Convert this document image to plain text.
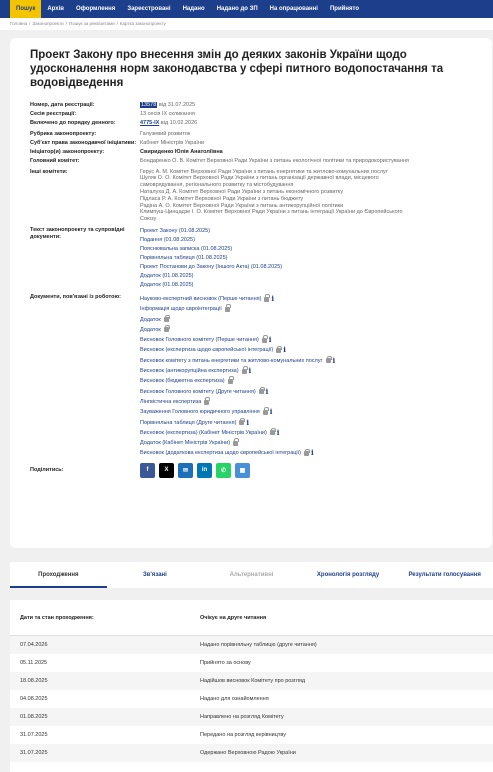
Пошук	Архів	Оформлення	Зареєстровані	Надано	Надано до ЗП	На опрацюванні	Прийнято
Головна / Законопроекти / Пошук за реквізитами / Картка законопроекту
Проект Закону про внесення змін до деяких законів України щодо удосконалення норм законодавства у сфері питного водопостачання та водовідведення
Номер, дата реєстрації:	13578 від 31.07.2025
Сесія реєстрації:	13 сесія IX скликання
Включено до порядку денного:	4775-IX від 10.02.2026
Рубрика законопроекту:	Галузевий розвиток
Суб'єкт права законодавчої ініціативи: Кабінет Міністрів України
Ініціатор(и) законопроекту:	Свириденко Юлія Анатоліївна
Головний комітет:	Бондаренко О. В. Комітет Верховної Ради України з питань екологічної політики та природокористування
Інші комітети:	Герус А. М. Комітет Верховної Ради України з питань енергетики та житлово-комунальних послуг
Шуляк О. О. Комітет Верховної Ради України з питань організації державної влади, місцевого
самоврядування, регіонального розвитку та містобудування
Наталуха Д. А. Комітет Верховної Ради України з питань економічного розвитку
Підласа Р. А. Комітет Верховної Ради України з питань бюджету
Радіна А. О. Комітет Верховної Ради України з питань антикорупційної політики
Климпуш-Цинцадзе І. О. Комітет Верховної Ради України з питань інтеграції України до Європейського
Союзу
Текст законопроекту та супровідні документи:
Проект Закону (01.08.2025)
Подання (01.08.2025)
Пояснювальна записка (01.08.2025)
Порівняльна таблиця (01.08.2025)
Проект Постанови до Закону (Іншого Акта) (01.08.2025)
Додаток (01.08.2025)
Додаток (01.08.2025)
Документи, пов'язані із роботою:	Науково-експертний висновок (Перше читання) i
Інформація щодо євроінтеграції
Додаток
Додаток
Висновок Головного комітету (Перше читання) i
Висновок (експертиза щодо європейської інтеграції) i
Висновок комітету з питань енергетики та житлово-комунальних послуг i
Висновок (антикорупційна експертиза) i
Висновок (бюджетна експертиза)
Висновок Головного комітету (Друге читання) i
Лінгвістична експертиза
Зауваження Головного юридичного управління i
Порівняльна таблиця (Друге читання) i
Висновок (експертиза) (Кабінет Міністрів України) i
Додаток (Кабінет Міністрів України)
Висновок (додаткова експертиза щодо європейської інтеграції) i
Поділитись:	f	X	✉	in	✆	▦
Проходження	Зв'язані	Альтернативні	Хронологія розгляду	Результати голосування
Дати та стан проходження:	Очікує на друге читання
07.04.2026	Надано порівняльну таблицю (друге читання)
05.11.2025	Прийнято за основу
18.08.2025	Надійшов висновок Комітету про розгляд
04.08.2025	Надано для ознайомлення
01.08.2025	Направлено на розгляд Комітету
31.07.2025	Передано на розгляд керівництву
31.07.2025	Одержано Верховною Радою України
